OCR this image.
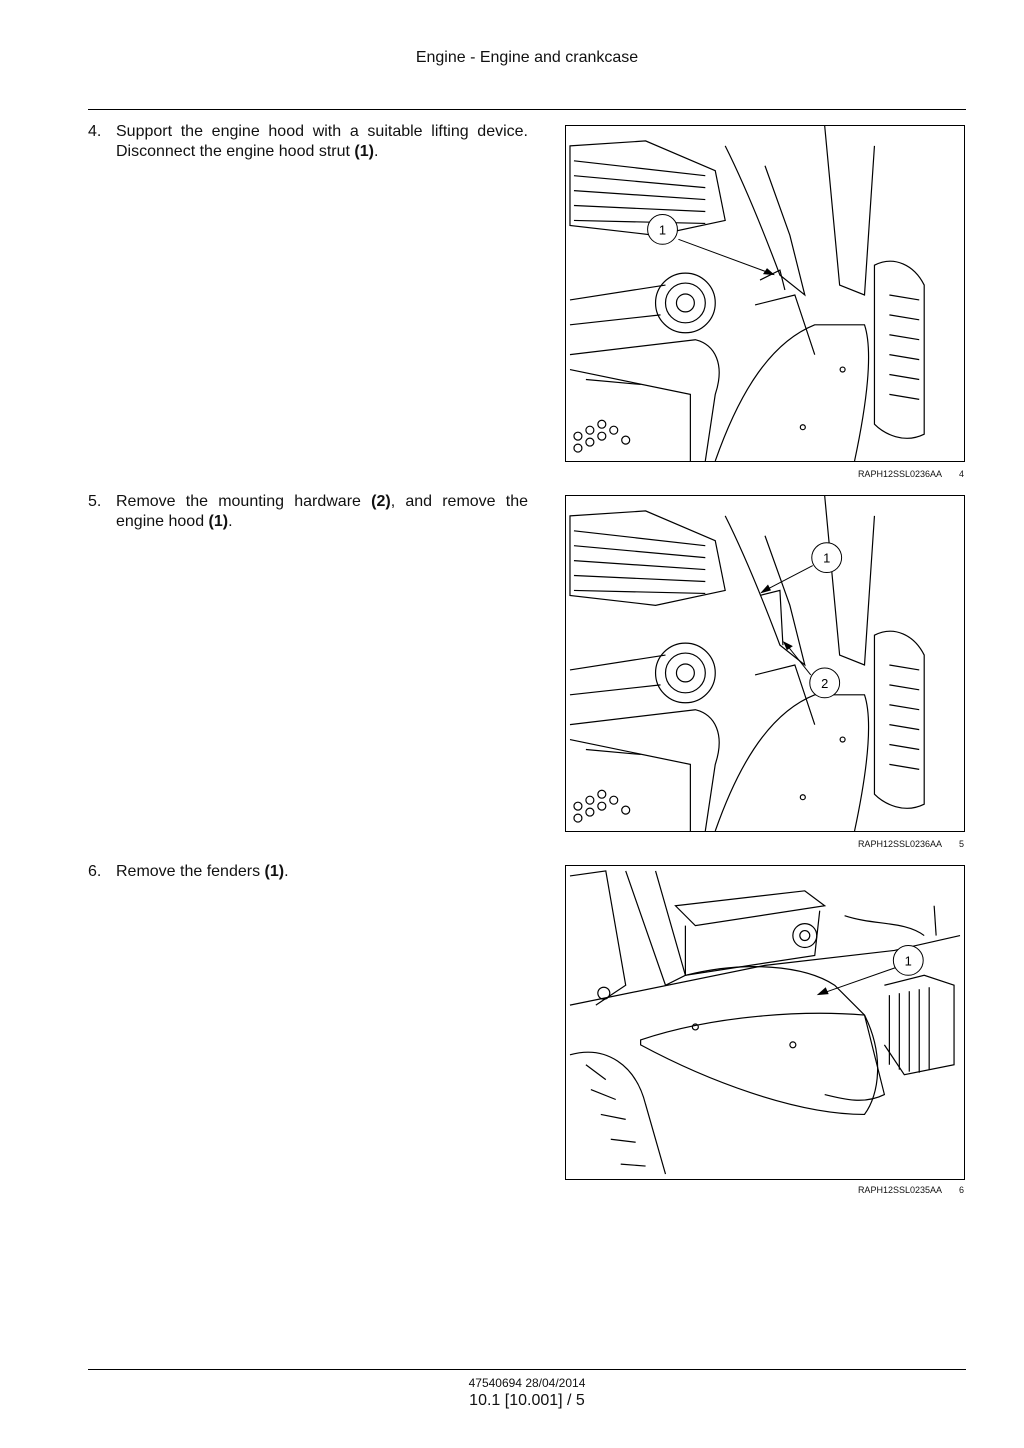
Engine - Engine and crankcase
4. Support the engine hood with a suitable lifting device. Disconnect the engine hood strut (1).
1
RAPH12SSL0236AA 4
5. Remove the mounting hardware (2), and remove the engine hood (1).
1
2
RAPH12SSL0236AA 5
6. Remove the fenders (1).
1
RAPH12SSL0235AA 6
47540694 28/04/2014
10.1 [10.001] / 5
